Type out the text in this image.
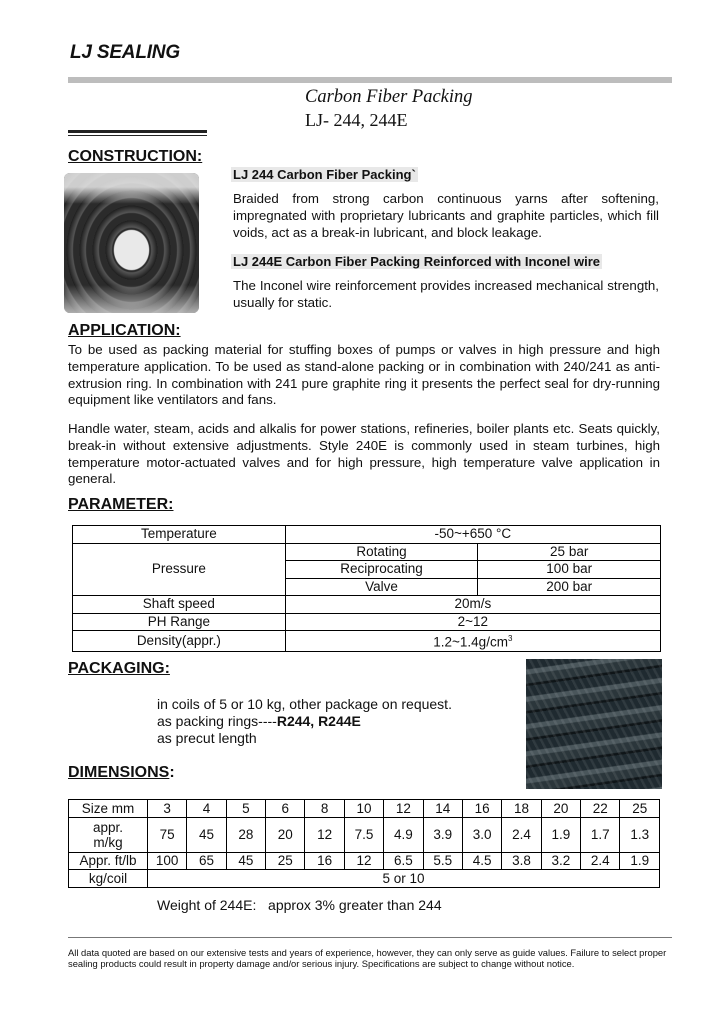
LJ SEALING
Carbon Fiber Packing
LJ- 244, 244E
CONSTRUCTION:
LJ 244 Carbon Fiber Packing`
Braided from strong carbon continuous yarns after softening, impregnated with proprietary lubricants and graphite particles, which fill voids, act as a break-in lubricant, and block leakage.
LJ 244E Carbon Fiber Packing Reinforced with Inconel wire
The Inconel wire reinforcement provides increased mechanical strength, usually for static.
APPLICATION:
To be used as packing material for stuffing boxes of pumps or valves in high pressure and high temperature application. To be used as stand-alone packing or in combination with 240/241 as anti-extrusion ring. In combination with 241 pure graphite ring it presents the perfect seal for dry-running equipment like ventilators and fans.
Handle water, steam, acids and alkalis for power stations, refineries, boiler plants etc. Seats quickly, break-in without extensive adjustments. Style 240E is commonly used in steam turbines, high temperature motor-actuated valves and for high pressure, high temperature valve application in general.
PARAMETER:
Temperature	-50~+650 °C	
Pressure	Rotating	25 bar
	Reciprocating	100 bar
	Valve	200 bar
Shaft speed	20m/s	
PH Range	2~12	
Density(appr.)	$1.2\sim 1.4g/cm^3$
PACKAGING:
in coils of 5 or 10 kg, other package on request.
as packing rings----R244, R244E
as precut length
DIMENSIONS:
Size mm	3	4	5	6	8	10	12	14	16	18	20	22	25

appr.
m/kg	75	45	28	20	12	7.5	4.9	3.9	3.0	2.4	1.9	1.7	1.3
Appr. ft/lb	100	65	45	25	16	12	6.5	5.5	4.5	3.8	3.2	2.4	1.9
kg/coil	5 or 10												
Weight of 244E: approx 3% greater than 244
All data quoted are based on our extensive tests and years of experience, however, they can only serve as guide values. Failure to select proper sealing products could result in property damage and/or serious injury. Specifications are subject to change without notice.
